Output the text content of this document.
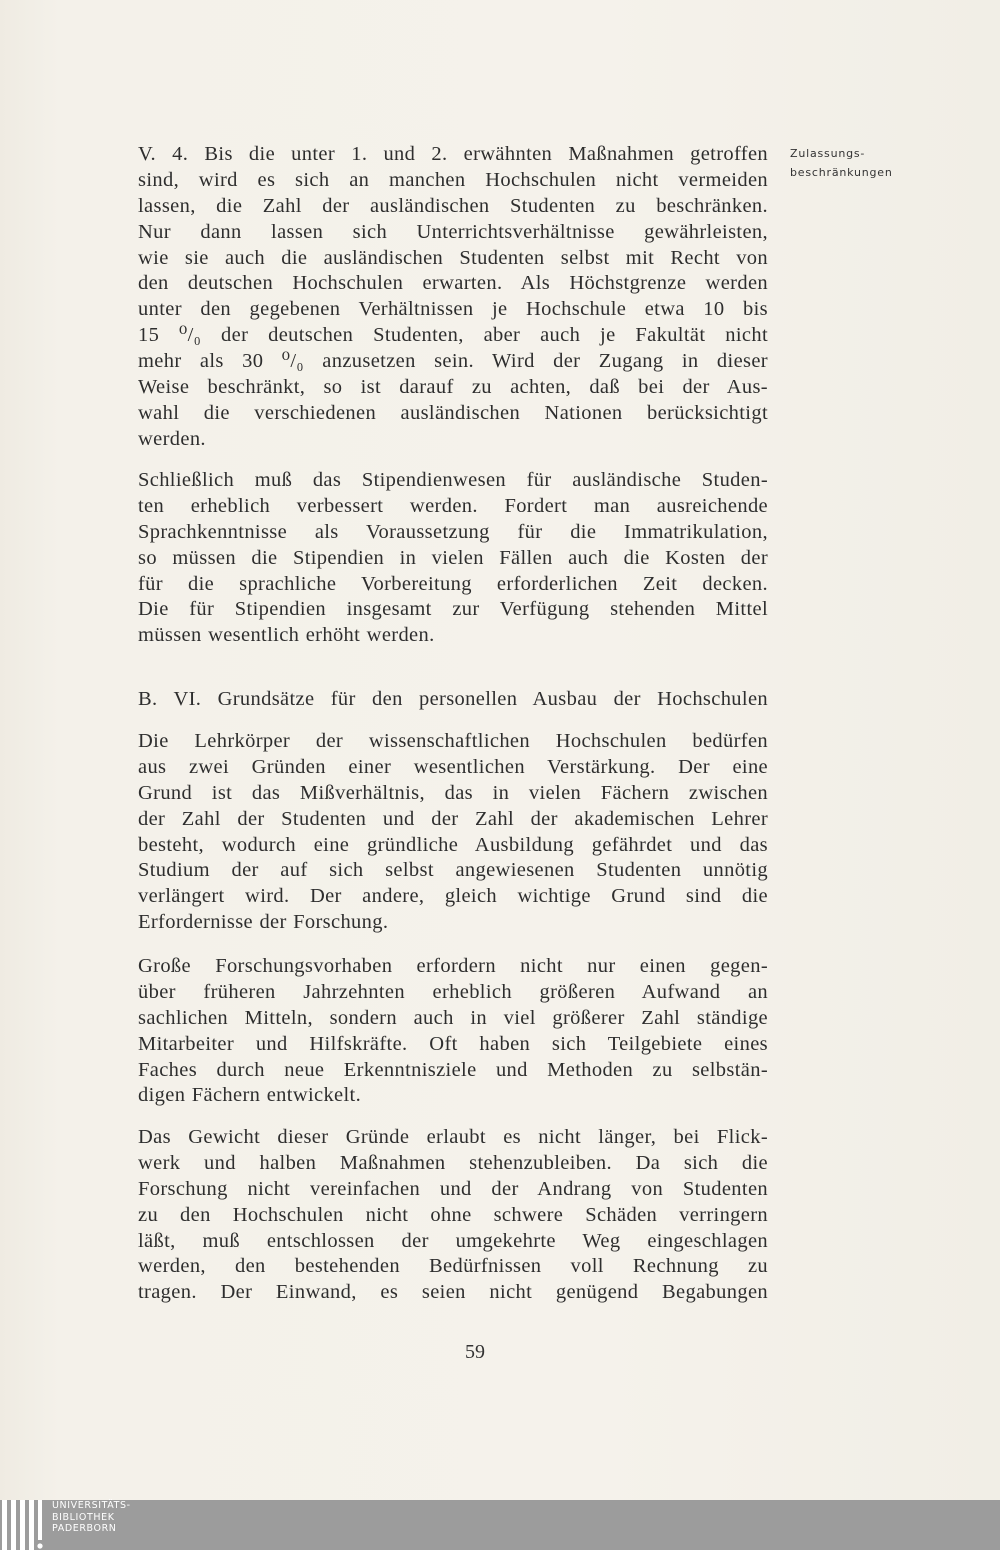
Zulassungs-
beschränkungen
V. 4. Bis die unter 1. und 2. erwähnten Maßnahmen getroffen
sind, wird es sich an manchen Hochschulen nicht vermeiden
lassen, die Zahl der ausländischen Studenten zu beschränken.
Nur dann lassen sich Unterrichtsverhältnisse gewährleisten,
wie sie auch die ausländischen Studenten selbst mit Recht von
den deutschen Hochschulen erwarten. Als Höchstgrenze werden
unter den gegebenen Verhältnissen je Hochschule etwa 10 bis
15 ⁰/₀ der deutschen Studenten, aber auch je Fakultät nicht
mehr als 30 ⁰/₀ anzusetzen sein. Wird der Zugang in dieser
Weise beschränkt, so ist darauf zu achten, daß bei der Aus-
wahl die verschiedenen ausländischen Nationen berücksichtigt
werden.
Schließlich muß das Stipendienwesen für ausländische Studen-
ten erheblich verbessert werden. Fordert man ausreichende
Sprachkenntnisse als Voraussetzung für die Immatrikulation,
so müssen die Stipendien in vielen Fällen auch die Kosten der
für die sprachliche Vorbereitung erforderlichen Zeit decken.
Die für Stipendien insgesamt zur Verfügung stehenden Mittel
müssen wesentlich erhöht werden.
B. VI. Grundsätze für den personellen Ausbau der Hochschulen
Die Lehrkörper der wissenschaftlichen Hochschulen bedürfen
aus zwei Gründen einer wesentlichen Verstärkung. Der eine
Grund ist das Mißverhältnis, das in vielen Fächern zwischen
der Zahl der Studenten und der Zahl der akademischen Lehrer
besteht, wodurch eine gründliche Ausbildung gefährdet und das
Studium der auf sich selbst angewiesenen Studenten unnötig
verlängert wird. Der andere, gleich wichtige Grund sind die
Erfordernisse der Forschung.
Große Forschungsvorhaben erfordern nicht nur einen gegen-
über früheren Jahrzehnten erheblich größeren Aufwand an
sachlichen Mitteln, sondern auch in viel größerer Zahl ständige
Mitarbeiter und Hilfskräfte. Oft haben sich Teilgebiete eines
Faches durch neue Erkenntnisziele und Methoden zu selbstän-
digen Fächern entwickelt.
Das Gewicht dieser Gründe erlaubt es nicht länger, bei Flick-
werk und halben Maßnahmen stehenzubleiben. Da sich die
Forschung nicht vereinfachen und der Andrang von Studenten
zu den Hochschulen nicht ohne schwere Schäden verringern
läßt, muß entschlossen der umgekehrte Weg eingeschlagen
werden, den bestehenden Bedürfnissen voll Rechnung zu
tragen. Der Einwand, es seien nicht genügend Begabungen
59
UNIVERSITÄTS-
BIBLIOTHEK
PADERBORN
